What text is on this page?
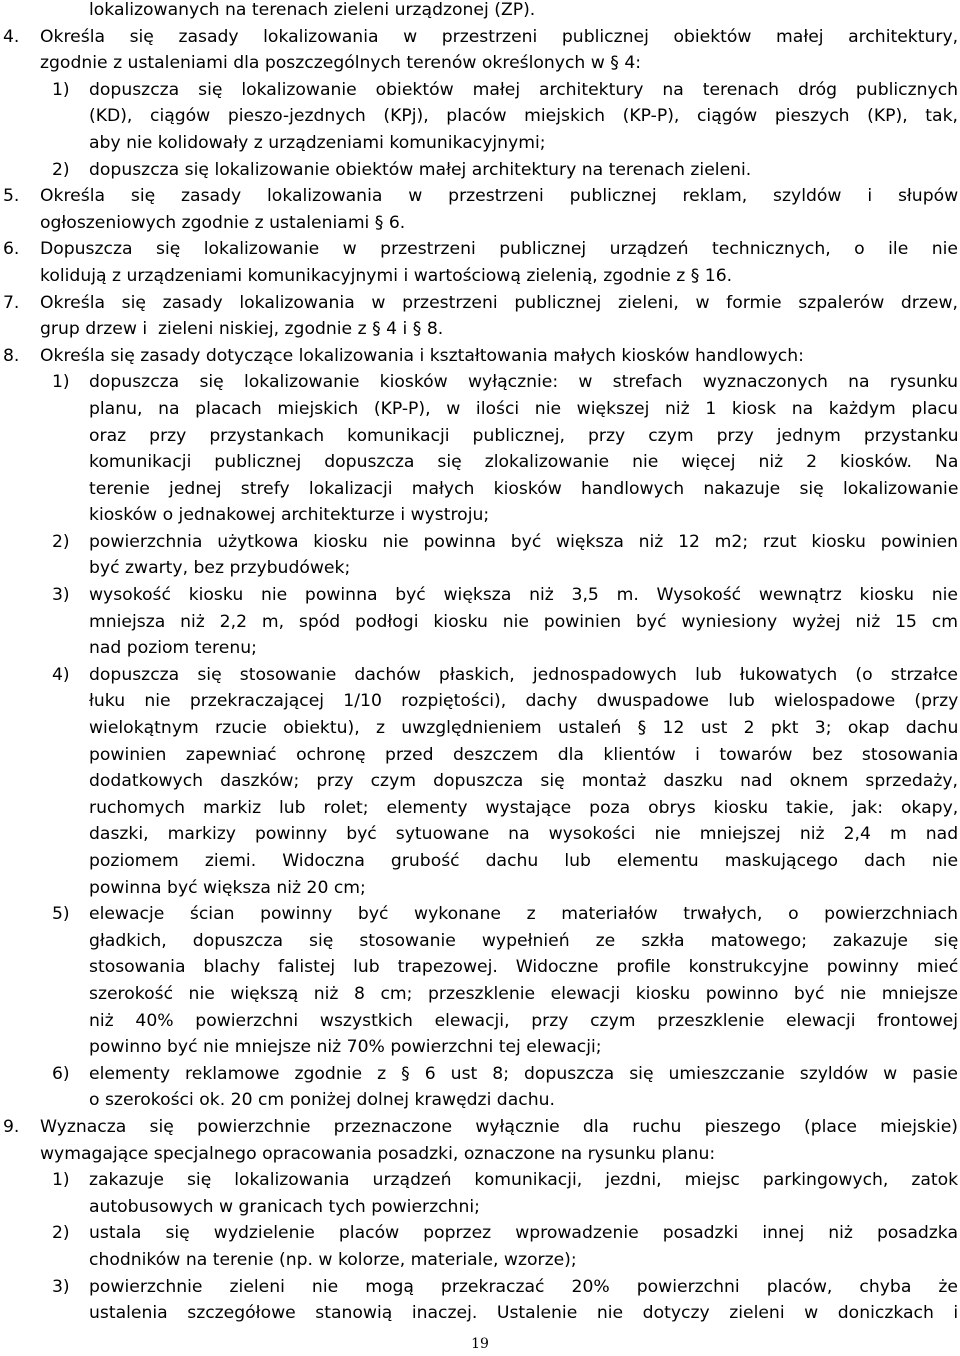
lokalizowanych na terenach zieleni urządzonej (ZP).
4. Określa się zasady lokalizowania w przestrzeni publicznej obiektów małej architektury,
zgodnie z ustaleniami dla poszczególnych terenów określonych w § 4:
1) dopuszcza się lokalizowanie obiektów małej architektury na terenach dróg publicznych
(KD), ciągów pieszo-jezdnych (KPj), placów miejskich (KP-P), ciągów pieszych (KP), tak,
aby nie kolidowały z urządzeniami komunikacyjnymi;
2) dopuszcza się lokalizowanie obiektów małej architektury na terenach zieleni.
5. Określa się zasady lokalizowania w przestrzeni publicznej reklam, szyldów i słupów
ogłoszeniowych zgodnie z ustaleniami § 6.
6. Dopuszcza się lokalizowanie w przestrzeni publicznej urządzeń technicznych, o ile nie
kolidują z urządzeniami komunikacyjnymi i wartościową zielenią, zgodnie z § 16.
7. Określa się zasady lokalizowania w przestrzeni publicznej zieleni, w formie szpalerów drzew,
grup drzew i  zieleni niskiej, zgodnie z § 4 i § 8.
8. Określa się zasady dotyczące lokalizowania i kształtowania małych kiosków handlowych:
1) dopuszcza się lokalizowanie kiosków wyłącznie: w strefach wyznaczonych na rysunku
planu, na placach miejskich (KP-P), w ilości nie większej niż 1 kiosk na każdym placu
oraz przy przystankach komunikacji publicznej, przy czym przy jednym przystanku
komunikacji publicznej dopuszcza się zlokalizowanie nie więcej niż 2 kiosków. Na
terenie jednej strefy lokalizacji małych kiosków handlowych nakazuje się lokalizowanie
kiosków o jednakowej architekturze i wystroju;
2) powierzchnia użytkowa kiosku nie powinna być większa niż 12 m2; rzut kiosku powinien
być zwarty, bez przybudówek;
3) wysokość kiosku nie powinna być większa niż 3,5 m. Wysokość wewnątrz kiosku nie
mniejsza niż 2,2 m, spód podłogi kiosku nie powinien być wyniesiony wyżej niż 15 cm
nad poziom terenu;
4) dopuszcza się stosowanie dachów płaskich, jednospadowych lub łukowatych (o strzałce
łuku nie przekraczającej 1/10 rozpiętości), dachy dwuspadowe lub wielospadowe (przy
wielokątnym rzucie obiektu), z uwzględnieniem ustaleń § 12 ust 2 pkt 3; okap dachu
powinien zapewniać ochronę przed deszczem dla klientów i towarów bez stosowania
dodatkowych daszków; przy czym dopuszcza się montaż daszku nad oknem sprzedaży,
ruchomych markiz lub rolet; elementy wystające poza obrys kiosku takie, jak: okapy,
daszki, markizy powinny być sytuowane na wysokości nie mniejszej niż 2,4 m nad
poziomem ziemi. Widoczna grubość dachu lub elementu maskującego dach nie
powinna być większa niż 20 cm;
5) elewacje ścian powinny być wykonane z materiałów trwałych, o powierzchniach
gładkich, dopuszcza się stosowanie wypełnień ze szkła matowego; zakazuje się
stosowania blachy falistej lub trapezowej. Widoczne profile konstrukcyjne powinny mieć
szerokość nie większą niż 8 cm; przeszklenie elewacji kiosku powinno być nie mniejsze
niż 40% powierzchni wszystkich elewacji, przy czym przeszklenie elewacji frontowej
powinno być nie mniejsze niż 70% powierzchni tej elewacji;
6) elementy reklamowe zgodnie z § 6 ust 8; dopuszcza się umieszczanie szyldów w pasie
o szerokości ok. 20 cm poniżej dolnej krawędzi dachu.
9. Wyznacza się powierzchnie przeznaczone wyłącznie dla ruchu pieszego (place miejskie)
wymagające specjalnego opracowania posadzki, oznaczone na rysunku planu:
1) zakazuje się lokalizowania urządzeń komunikacji, jezdni, miejsc parkingowych, zatok
autobusowych w granicach tych powierzchni;
2) ustala się wydzielenie placów poprzez wprowadzenie posadzki innej niż posadzka
chodników na terenie (np. w kolorze, materiale, wzorze);
3) powierzchnie zieleni nie mogą przekraczać 20% powierzchni placów, chyba że
ustalenia szczegółowe stanowią inaczej. Ustalenie nie dotyczy zieleni w doniczkach i
19
